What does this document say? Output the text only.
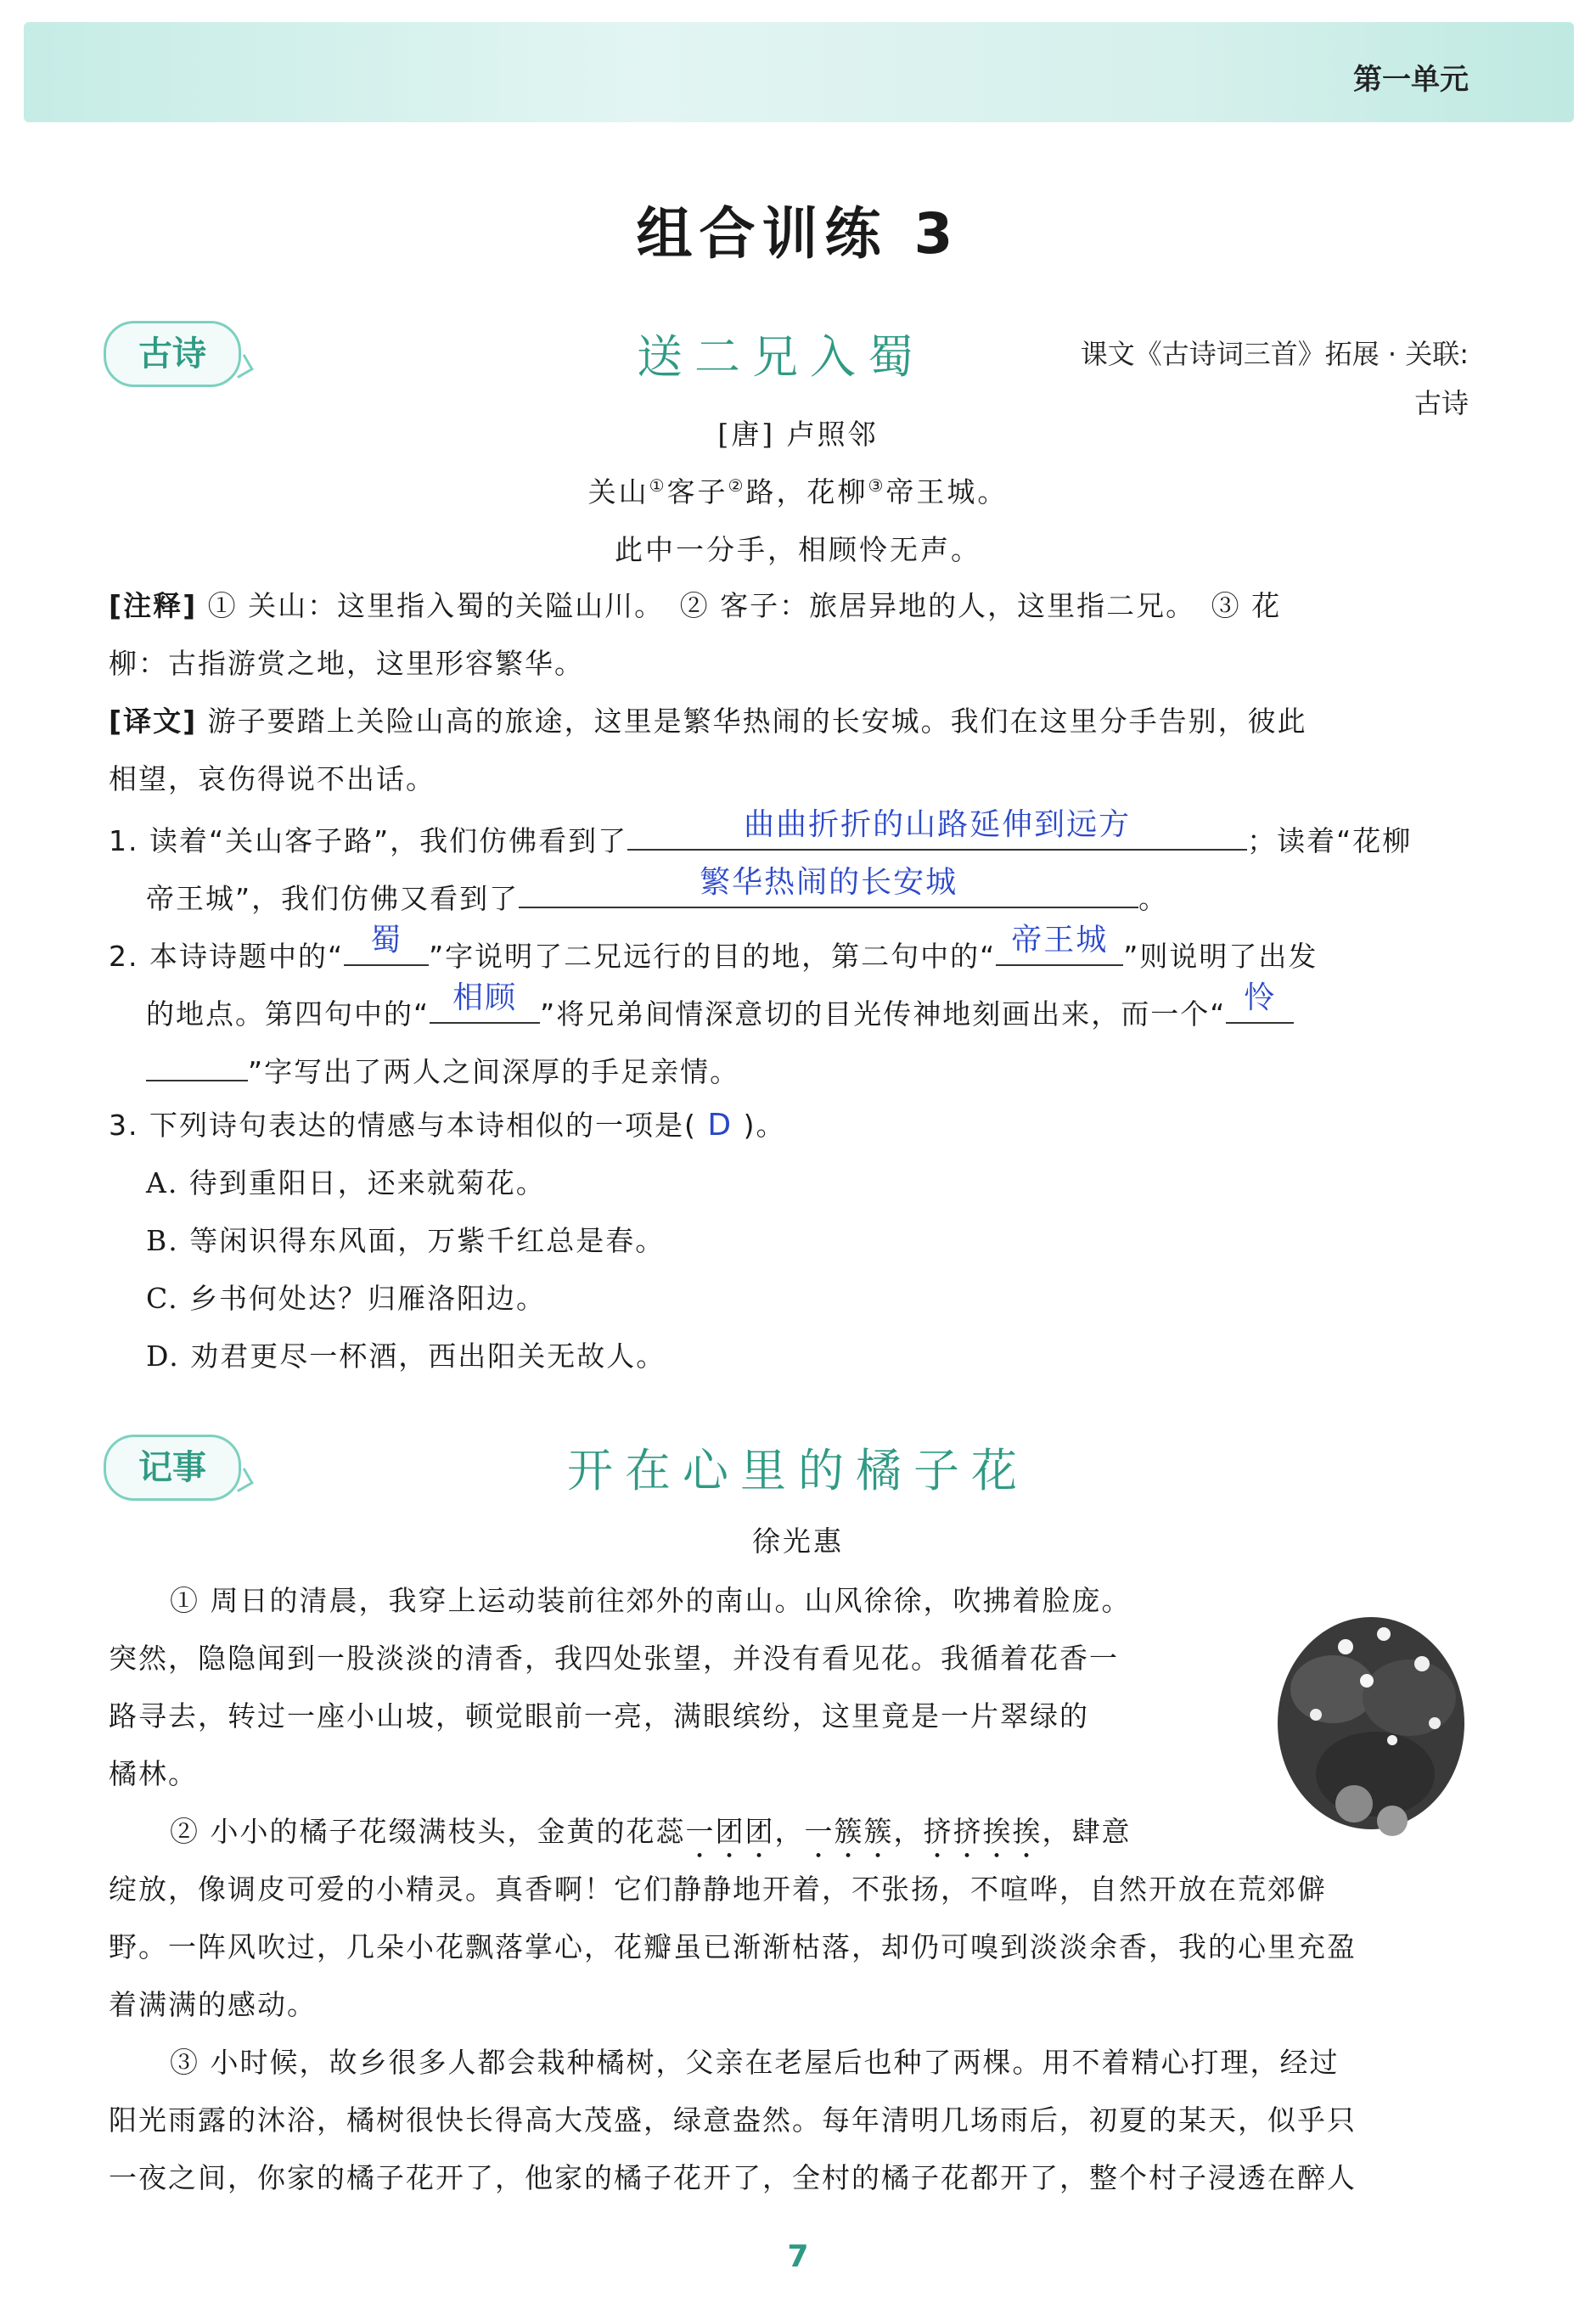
第一单元
组合训练 3
古诗	送二兄入蜀	课文《古诗词三首》拓展 · 关联:
古诗
[唐] 卢照邻
关山①客子②路，花柳③帝王城。
此中一分手，相顾怜无声。
[注释] ① 关山：这里指入蜀的关隘山川。　② 客子：旅居异地的人，这里指二兄。　③ 花
柳：古指游赏之地，这里形容繁华。
[译文] 游子要踏上关险山高的旅途，这里是繁华热闹的长安城。我们在这里分手告别，彼此
相望，哀伤得说不出话。
1. 读着“关山客子路”，我们仿佛看到了	曲曲折折的山路延伸到远方	；读着“花柳
帝王城”，我们仿佛又看到了	繁华热闹的长安城	。
2. 本诗诗题中的“ 蜀 ”字说明了二兄远行的目的地，第二句中的“ 帝王城 ”则说明了出发
的地点。第四句中的“ 相顾 ”将兄弟间情深意切的目光传神地刻画出来，而一个“ 怜
”字写出了两人之间深厚的手足亲情。
3. 下列诗句表达的情感与本诗相似的一项是( D )。
A. 待到重阳日，还来就菊花。
B. 等闲识得东风面，万紫千红总是春。
C. 乡书何处达？归雁洛阳边。
D. 劝君更尽一杯酒，西出阳关无故人。
记事	开在心里的橘子花
徐光惠
① 周日的清晨，我穿上运动装前往郊外的南山。山风徐徐，吹拂着脸庞。
突然，隐隐闻到一股淡淡的清香，我四处张望，并没有看见花。我循着花香一
路寻去，转过一座小山坡，顿觉眼前一亮，满眼缤纷，这里竟是一片翠绿的
橘林。
② 小小的橘子花缀满枝头，金黄的花蕊一团团，一簇簇，挤挤挨挨，肆意
绽放，像调皮可爱的小精灵。真香啊！它们静静地开着，不张扬，不喧哗，自然开放在荒郊僻
野。一阵风吹过，几朵小花飘落掌心，花瓣虽已渐渐枯落，却仍可嗅到淡淡余香，我的心里充盈
着满满的感动。
③ 小时候，故乡很多人都会栽种橘树，父亲在老屋后也种了两棵。用不着精心打理，经过
阳光雨露的沐浴，橘树很快长得高大茂盛，绿意盎然。每年清明几场雨后，初夏的某天，似乎只
一夜之间，你家的橘子花开了，他家的橘子花开了，全村的橘子花都开了，整个村子浸透在醉人
7
